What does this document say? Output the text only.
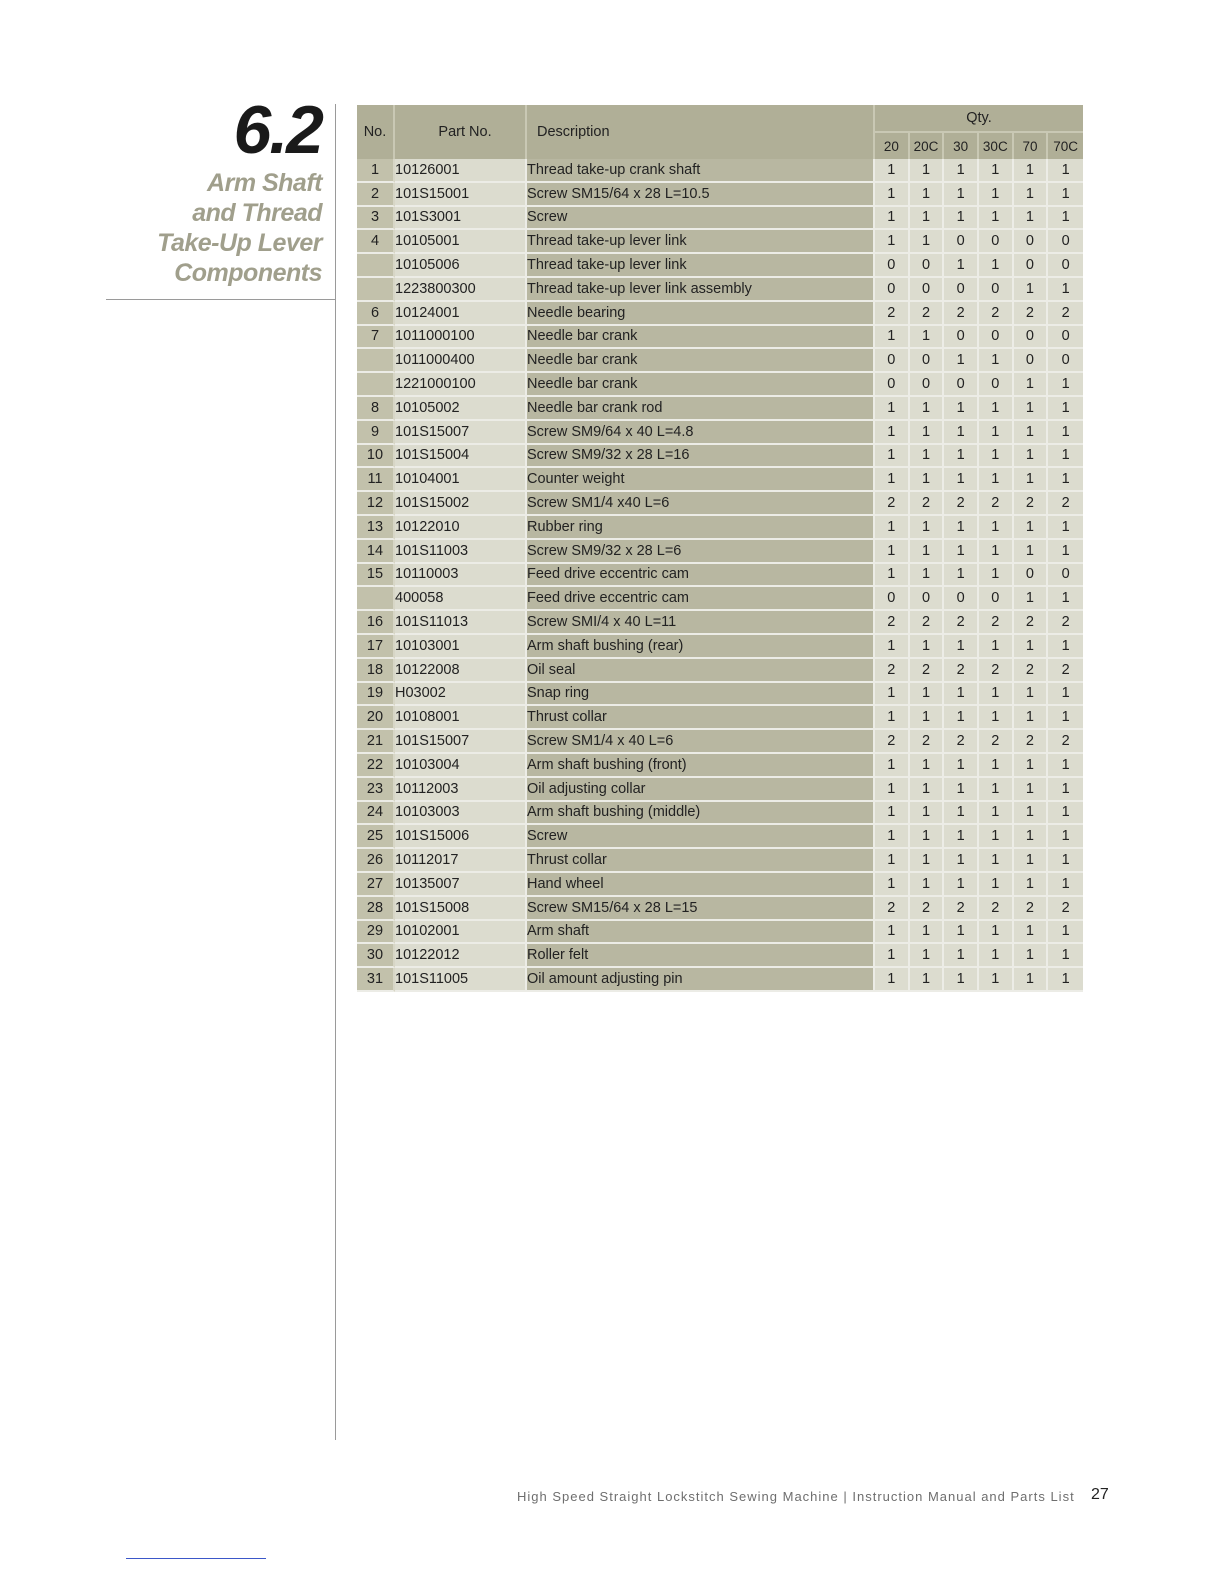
6.2
Arm Shaft
and Thread
Take-Up Lever
Components
No.	Part No.	Description	Qty.					
			20	20C	30	30C	70	70C
1	10126001	Thread take-up crank shaft	1	1	1	1	1	1
2	101S15001	Screw SM15/64 x 28 L=10.5	1	1	1	1	1	1
3	101S3001	Screw	1	1	1	1	1	1
4	10105001	Thread take-up lever link	1	1	0	0	0	0
	10105006	Thread take-up lever link	0	0	1	1	0	0
	1223800300	Thread take-up lever link assembly	0	0	0	0	1	1
6	10124001	Needle bearing	2	2	2	2	2	2
7	1011000100	Needle bar crank	1	1	0	0	0	0
	1011000400	Needle bar crank	0	0	1	1	0	0
	1221000100	Needle bar crank	0	0	0	0	1	1
8	10105002	Needle bar crank rod	1	1	1	1	1	1
9	101S15007	Screw SM9/64 x 40 L=4.8	1	1	1	1	1	1
10	101S15004	Screw SM9/32 x 28 L=16	1	1	1	1	1	1
11	10104001	Counter weight	1	1	1	1	1	1
12	101S15002	Screw SM1/4 x40 L=6	2	2	2	2	2	2
13	10122010	Rubber ring	1	1	1	1	1	1
14	101S11003	Screw SM9/32 x 28 L=6	1	1	1	1	1	1
15	10110003	Feed drive eccentric cam	1	1	1	1	0	0
	400058	Feed drive eccentric cam	0	0	0	0	1	1
16	101S11013	Screw SMI/4 x 40 L=11	2	2	2	2	2	2
17	10103001	Arm shaft bushing (rear)	1	1	1	1	1	1
18	10122008	Oil seal	2	2	2	2	2	2
19	H03002	Snap ring	1	1	1	1	1	1
20	10108001	Thrust collar	1	1	1	1	1	1
21	101S15007	Screw SM1/4 x 40 L=6	2	2	2	2	2	2
22	10103004	Arm shaft bushing (front)	1	1	1	1	1	1
23	10112003	Oil adjusting collar	1	1	1	1	1	1
24	10103003	Arm shaft bushing (middle)	1	1	1	1	1	1
25	101S15006	Screw	1	1	1	1	1	1
26	10112017	Thrust collar	1	1	1	1	1	1
27	10135007	Hand wheel	1	1	1	1	1	1
28	101S15008	Screw SM15/64 x 28 L=15	2	2	2	2	2	2
29	10102001	Arm shaft	1	1	1	1	1	1
30	10122012	Roller felt	1	1	1	1	1	1
31	101S11005	Oil amount adjusting pin	1	1	1	1	1	1
High Speed Straight Lockstitch Sewing Machine | Instruction Manual and Parts List	27
